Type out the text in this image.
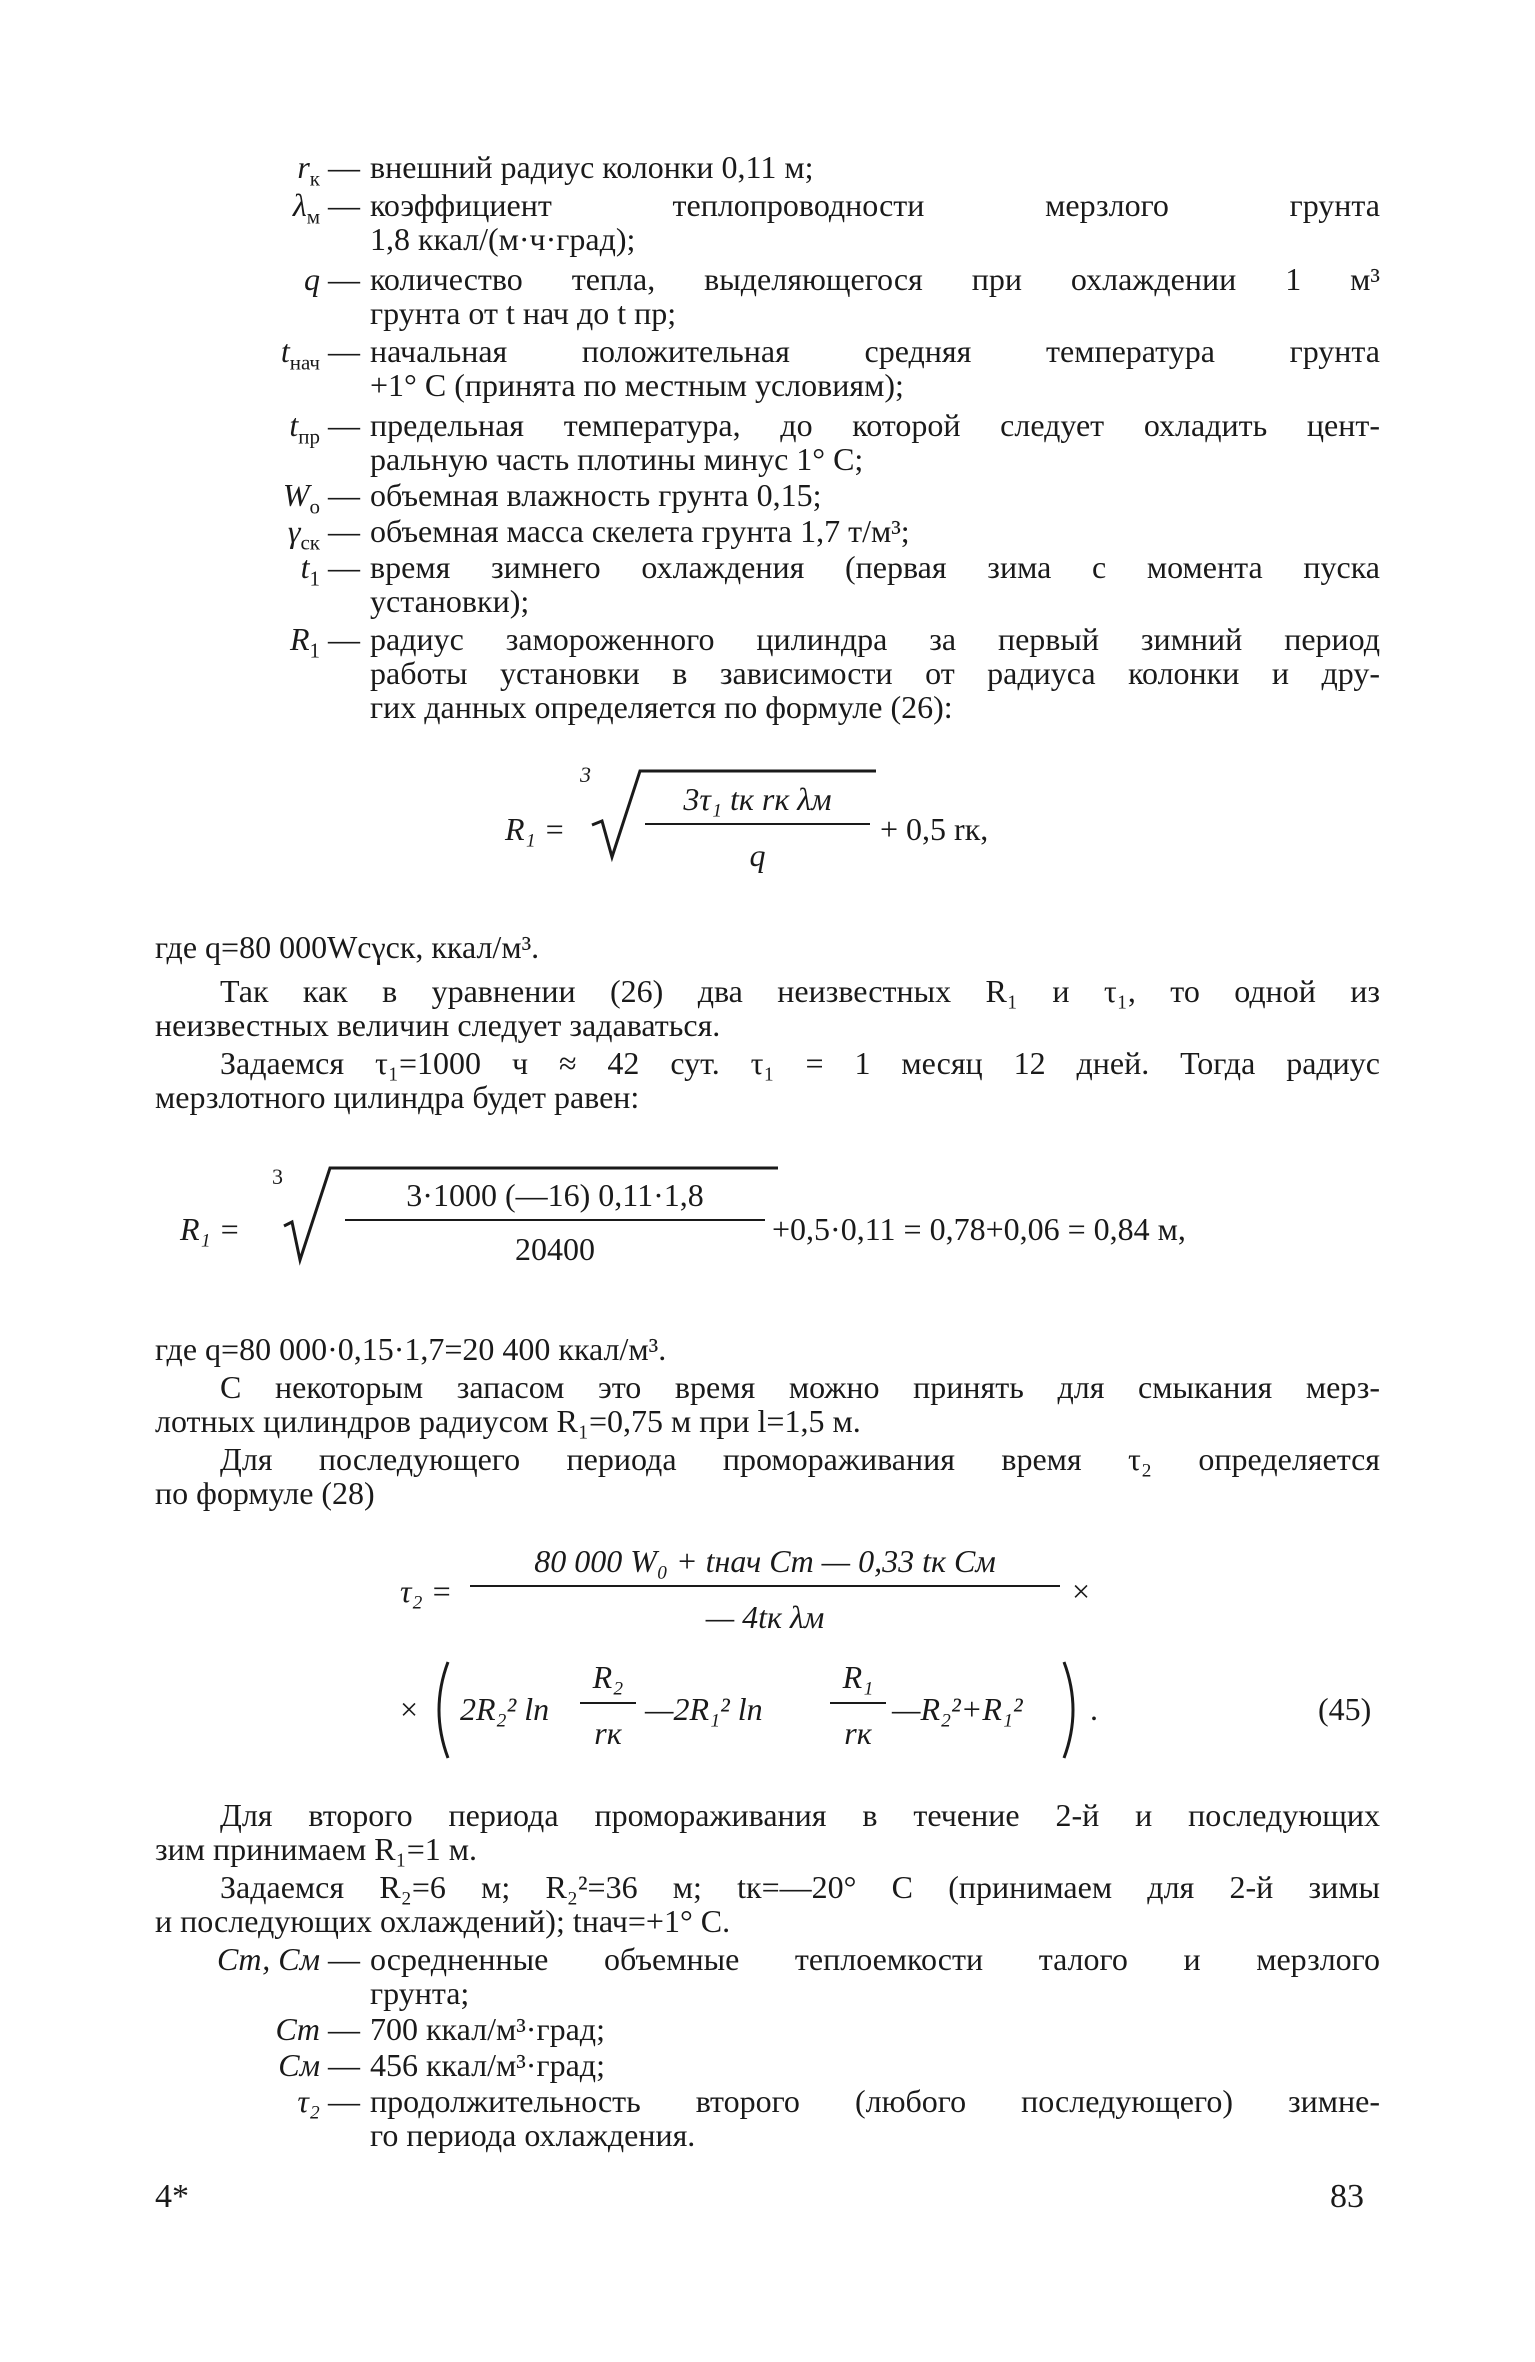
$r_к$ — внешний радиус колонки 0,11 м;
$\lambda_м$ — коэффициент теплопроводности мерзлого грунта
1,8 ккал/(м·ч·град);
q — количество тепла, выделяющегося при охлаждении 1 м³
грунта от t нач до t пр;
$t_{нач}$ — начальная положительная средняя температура грунта
+1° С (принята по местным условиям);
$t_{пр}$ — предельная температура, до которой следует охладить цент-
ральную часть плотины минус 1° С;
$W_о$ — объемная влажность грунта 0,15;
$\gamma_{ск}$ — объемная масса скелета грунта 1,7 т/м³;
$t_1$ — время зимнего охлаждения (первая зима с момента пуска
установки);
$R_1$ — радиус замороженного цилиндра за первый зимний период
работы установки в зависимости от радиуса колонки и дру-
гих данных определяется по формуле (26):
R₁ =
3
3τ₁ tк rк λм
q
+ 0,5 rк,
где q=80 000Wcγск, ккал/м³.
Так как в уравнении (26) два неизвестных R₁ и τ₁, то одной из
неизвестных величин следует задаваться.
Задаемся τ₁=1000 ч ≈ 42 сут. τ₁ = 1 месяц 12 дней. Тогда радиус
мерзлотного цилиндра будет равен:
R₁ =
3
3·1000 (—16) 0,11·1,8
20400
+0,5·0,11 = 0,78+0,06 = 0,84 м,
где q=80 000·0,15·1,7=20 400 ккал/м³.
С некоторым запасом это время можно принять для смыкания мерз-
лотных цилиндров радиусом R₁=0,75 м при l=1,5 м.
Для последующего периода промораживания время τ₂ определяется
по формуле (28)
τ₂ =
80 000 W₀ + tнач Cт — 0,33 tк Cм
— 4tк λм
×
× 2R₂² ln
R₂
rк
—2R₁² ln
R₁
rк
—R₂²+R₁² .	(45)
Для второго периода промораживания в течение 2-й и последующих
зим принимаем R₁=1 м.
Задаемся R₂=6 м; R₂²=36 м; tк=—20° С (принимаем для 2-й зимы
и последующих охлаждений); tнач=+1° С.
Cт, Cм — осредненные объемные теплоемкости талого и мерзлого
грунта;
Cт — 700 ккал/м³·град;
Cм — 456 ккал/м³·град;
τ₂ — продолжительность второго (любого последующего) зимне-
го периода охлаждения.
4*	83
